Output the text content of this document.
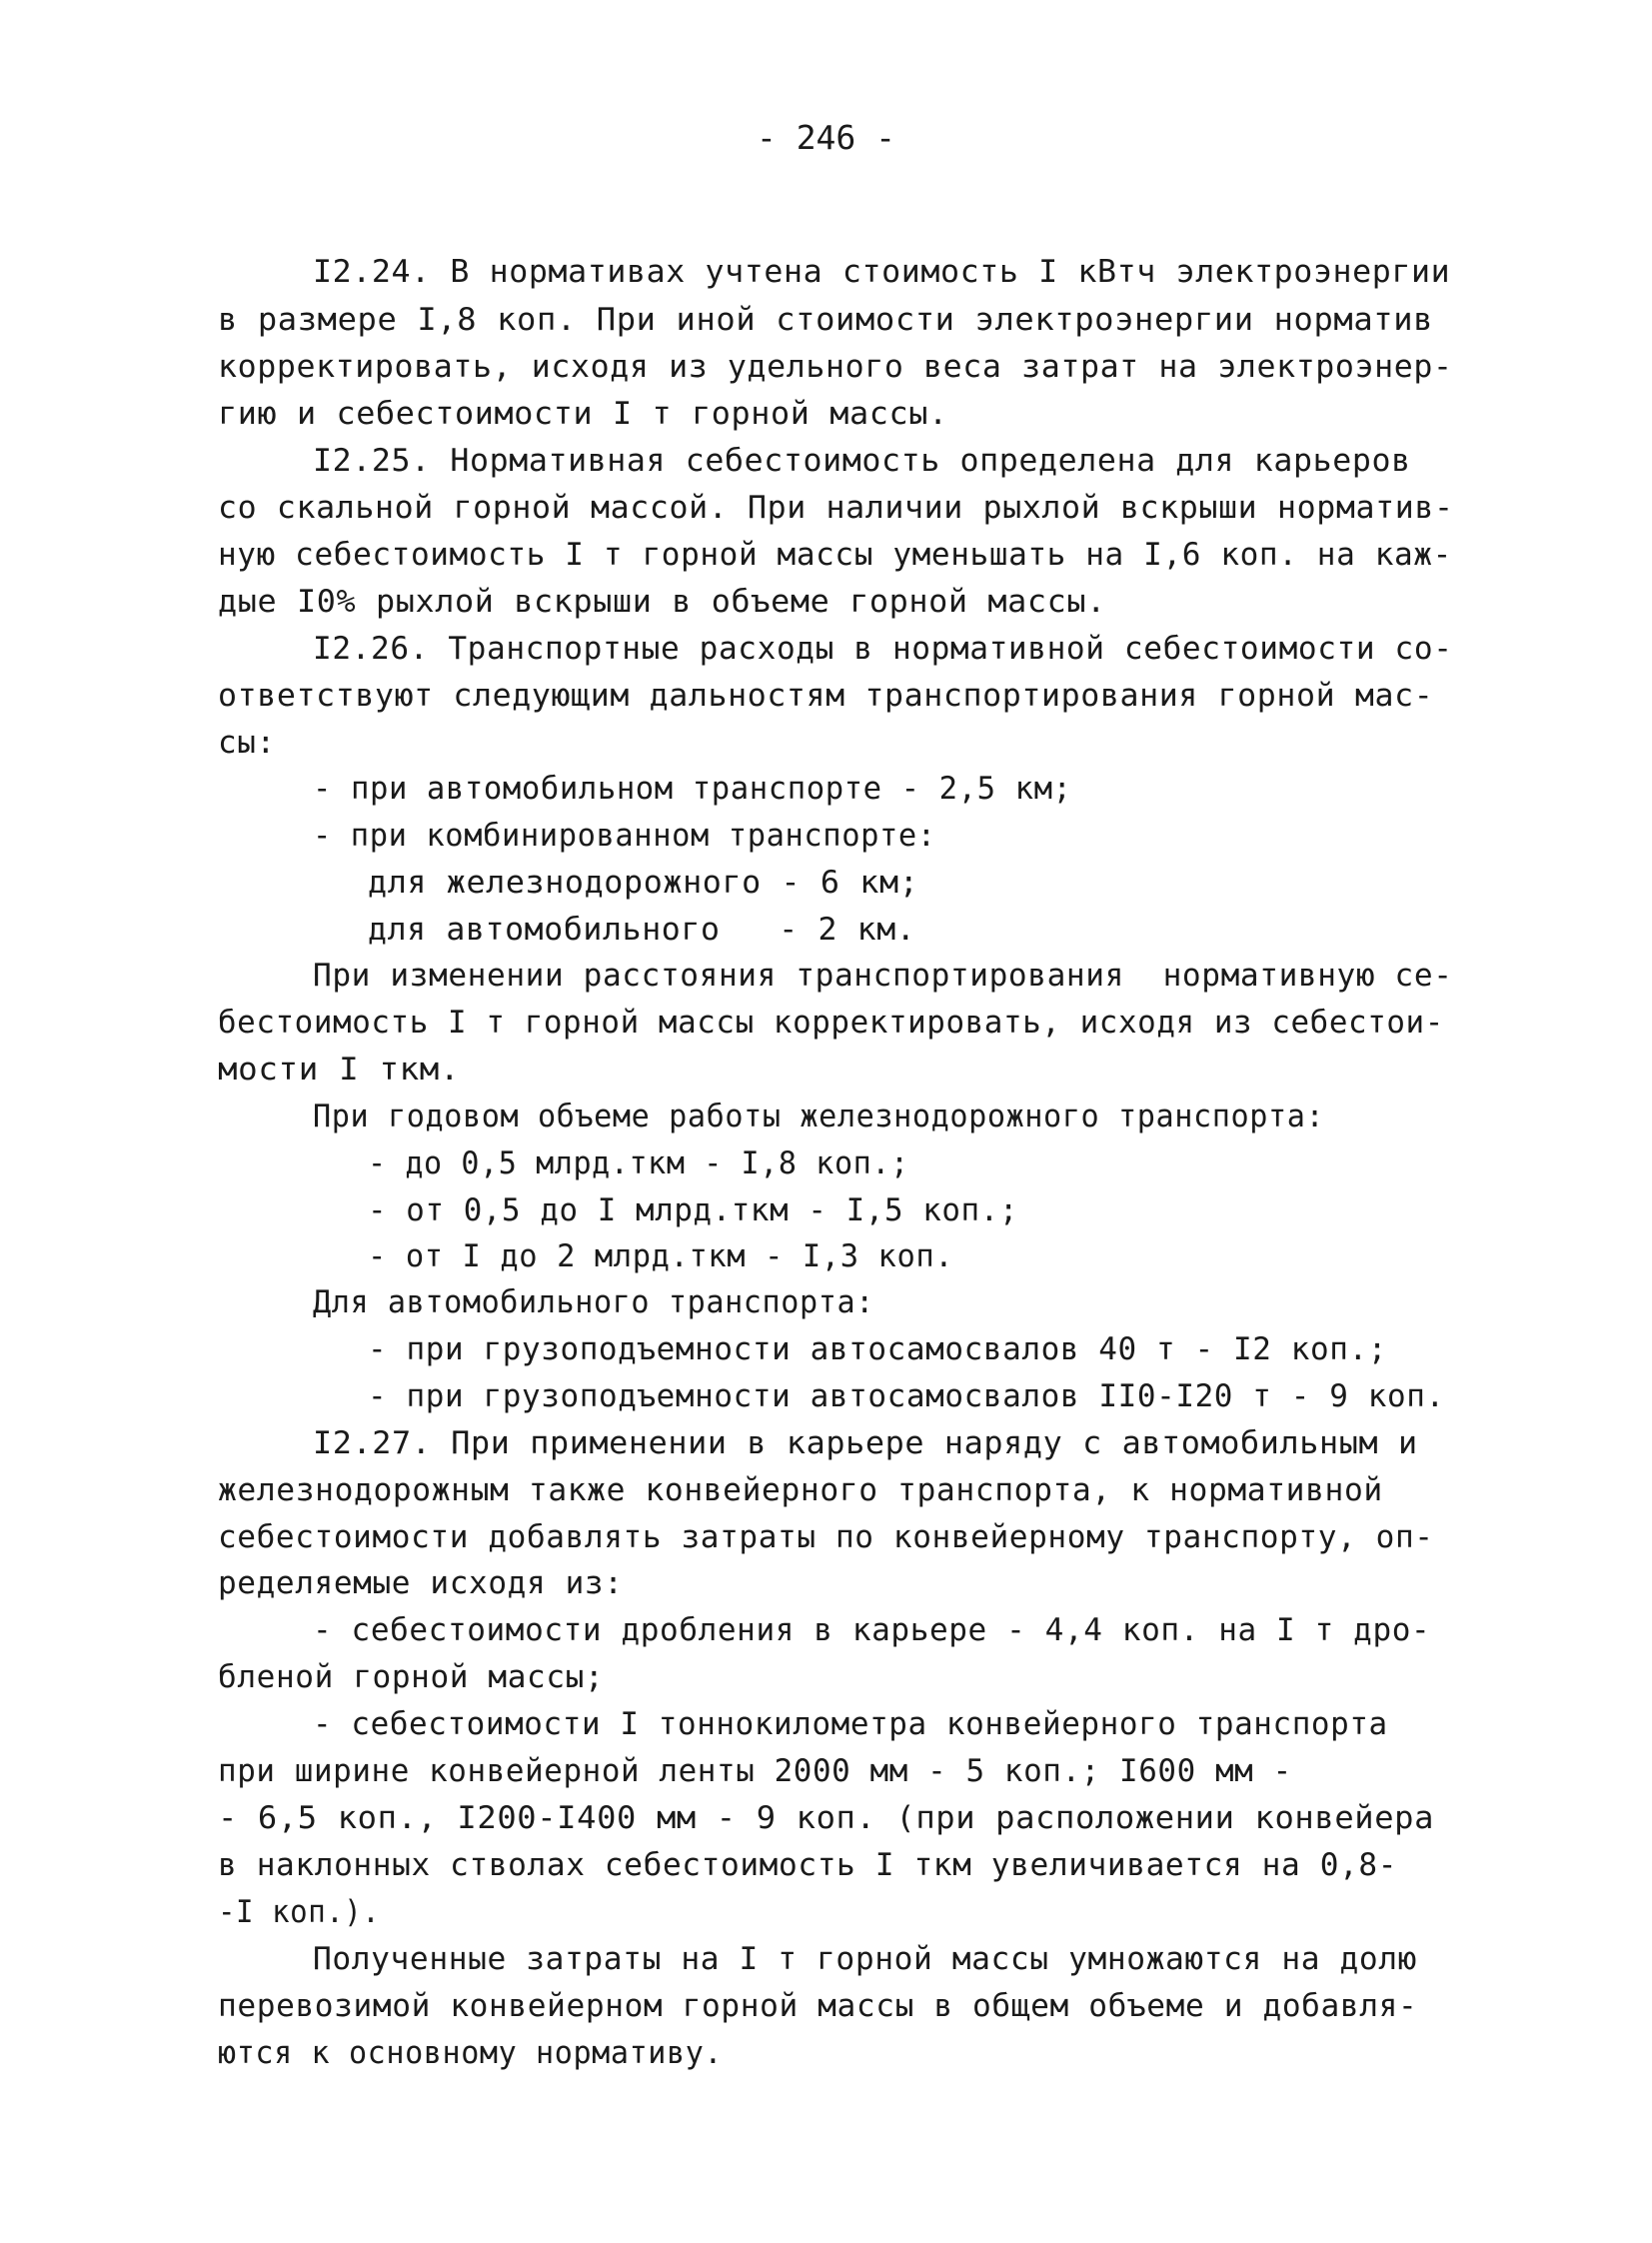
- 246 -
I2.24. В нормативах учтена стоимость I кВтч электроэнергии
в размере I,8 коп. При иной стоимости электроэнергии норматив
корректировать, исходя из удельного веса затрат на электроэнер-
гию и себестоимости I т горной массы.
I2.25. Нормативная себестоимость определена для карьеров
со скальной горной массой. При наличии рыхлой вскрыши норматив-
ную себестоимость I т горной массы уменьшать на I,6 коп. на каж-
дые I0% рыхлой вскрыши в объеме горной массы.
I2.26. Транспортные расходы в нормативной себестоимости со-
ответствуют следующим дальностям транспортирования горной мас-
сы:
- при автомобильном транспорте - 2,5 км;
- при комбинированном транспорте:
для железнодорожного - 6 км;
для автомобильного   - 2 км.
При изменении расстояния транспортирования  нормативную се-
бестоимость I т горной массы корректировать, исходя из себестои-
мости I ткм.
При годовом объеме работы железнодорожного транспорта:
- до 0,5 млрд.ткм - I,8 коп.;
- от 0,5 до I млрд.ткм - I,5 коп.;
- от I до 2 млрд.ткм - I,3 коп.
Для автомобильного транспорта:
- при грузоподъемности автосамосвалов 40 т - I2 коп.;
- при грузоподъемности автосамосвалов II0-I20 т - 9 коп.
I2.27. При применении в карьере наряду с автомобильным и
железнодорожным также конвейерного транспорта, к нормативной
себестоимости добавлять затраты по конвейерному транспорту, оп-
ределяемые исходя из:
- себестоимости дробления в карьере - 4,4 коп. на I т дро-
бленой горной массы;
- себестоимости I тоннокилометра конвейерного транспорта
при ширине конвейерной ленты 2000 мм - 5 коп.; I600 мм -
- 6,5 коп., I200-I400 мм - 9 коп. (при расположении конвейера
в наклонных стволах себестоимость I ткм увеличивается на 0,8-
-I коп.).
Полученные затраты на I т горной массы умножаются на долю
перевозимой конвейерном горной массы в общем объеме и добавля-
ются к основному нормативу.
